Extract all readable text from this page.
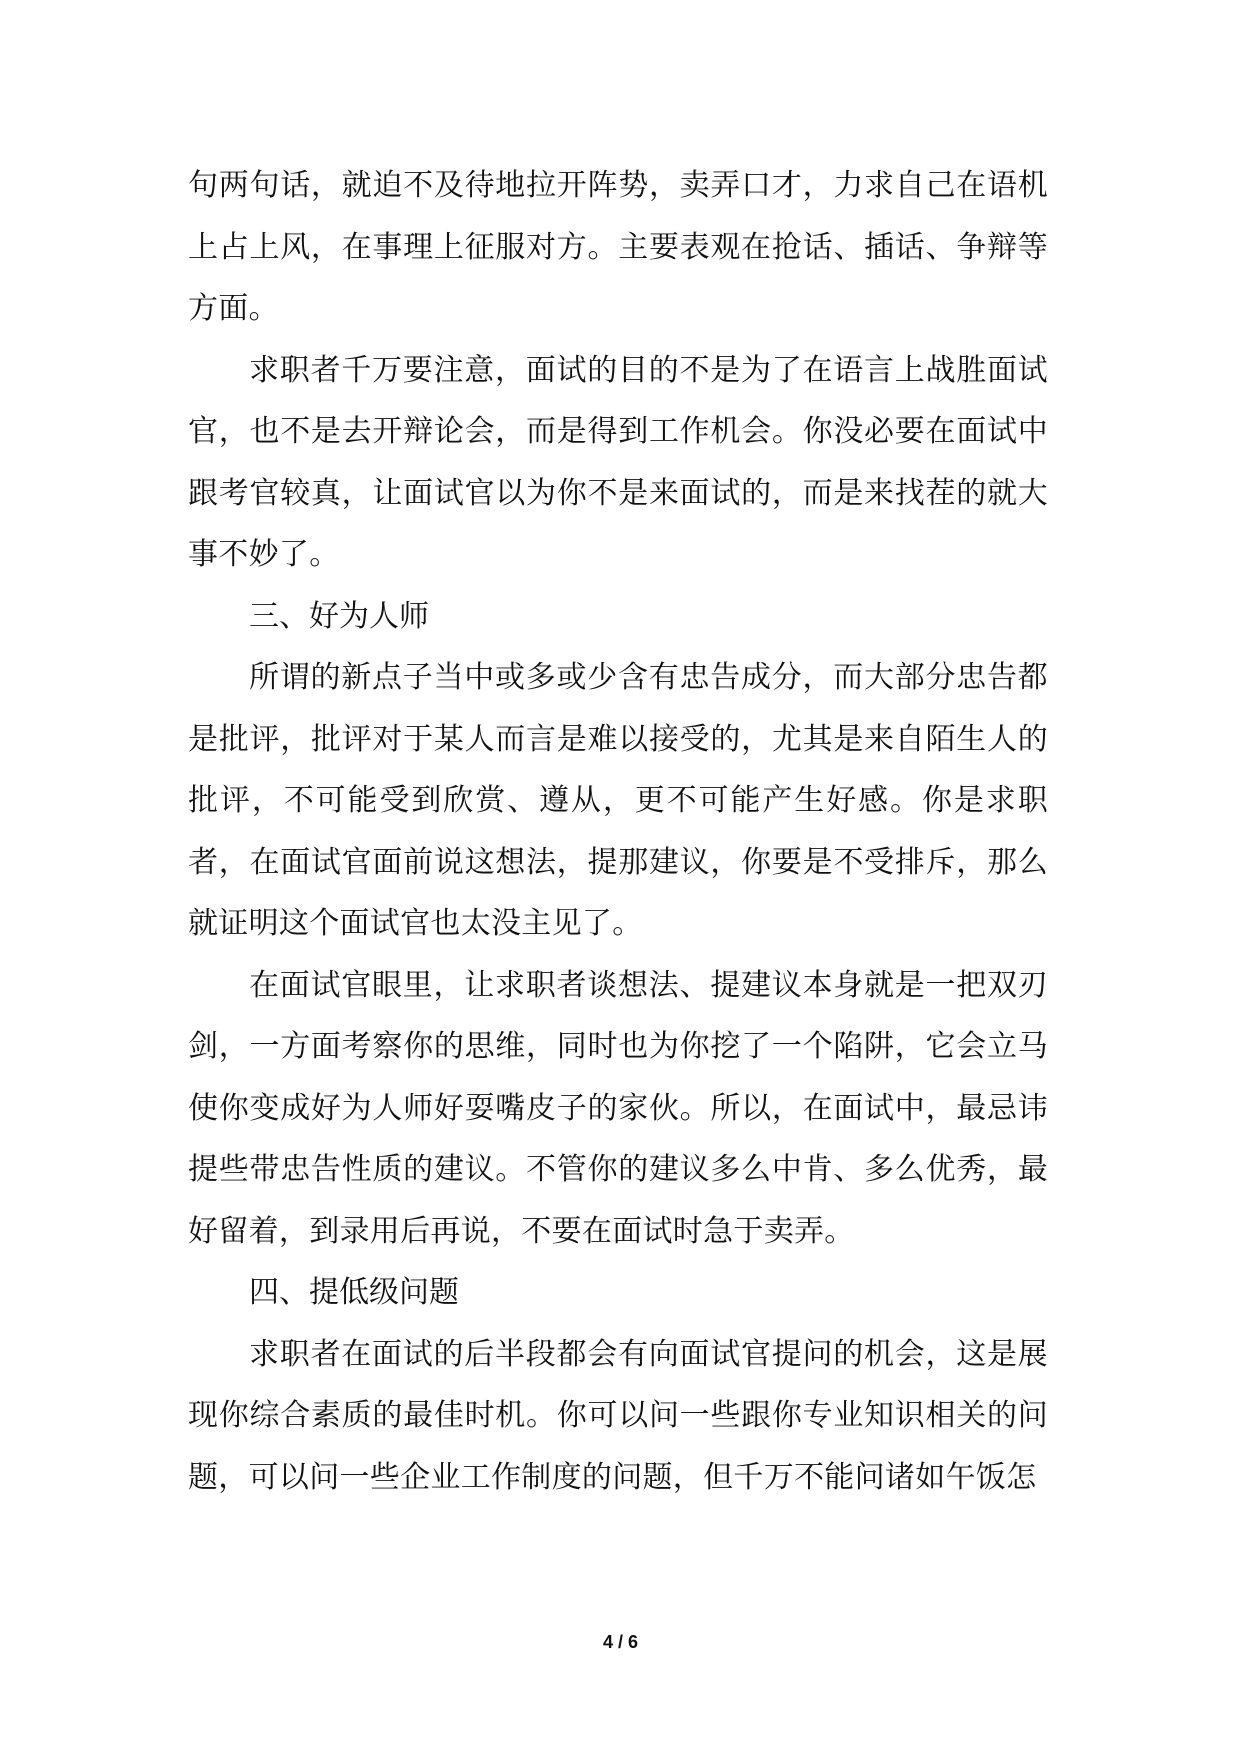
句两句话，就迫不及待地拉开阵势，卖弄口才，力求自己在语机上占上风，在事理上征服对方。主要表观在抢话、插话、争辩等方面。

求职者千万要注意，面试的目的不是为了在语言上战胜面试官，也不是去开辩论会，而是得到工作机会。你没必要在面试中跟考官较真，让面试官以为你不是来面试的，而是来找茬的就大事不妙了。

三、好为人师

所谓的新点子当中或多或少含有忠告成分，而大部分忠告都是批评，批评对于某人而言是难以接受的，尤其是来自陌生人的批评，不可能受到欣赏、遵从，更不可能产生好感。你是求职者，在面试官面前说这想法，提那建议，你要是不受排斥，那么就证明这个面试官也太没主见了。

在面试官眼里，让求职者谈想法、提建议本身就是一把双刃剑，一方面考察你的思维，同时也为你挖了一个陷阱，它会立马使你变成好为人师好耍嘴皮子的家伙。所以，在面试中，最忌讳提些带忠告性质的建议。不管你的建议多么中肯、多么优秀，最好留着，到录用后再说，不要在面试时急于卖弄。

四、提低级问题

求职者在面试的后半段都会有向面试官提问的机会，这是展现你综合素质的最佳时机。你可以问一些跟你专业知识相关的问题，可以问一些企业工作制度的问题，但千万不能问诸如午饭怎

4 / 6
